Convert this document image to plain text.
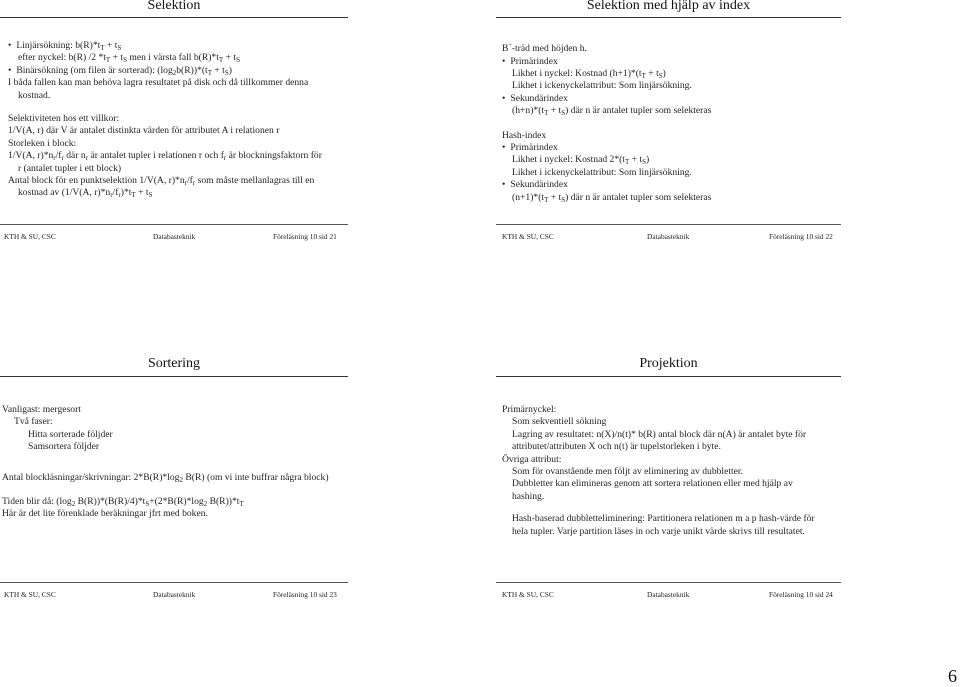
Selektion

• Linjärsökning: $b(R)*t_T + t_S$

efter nyckel: b(R) /2 $*t_T + t_S$ men i värsta fall $b(R)*t_T + t_S$

• Binärsökning (om filen är sorterad): $(\log_2b(R))*(t_T + t_S)$

I båda fallen kan man behöva lagra resultatet på disk och då tillkommer denna

kostnad.

Selektiviteten hos ett villkor:

1/V(A, r) där V är antalet distinkta värden för attributet A i relationen r

Storleken i block:

1/V(A, $r)*n_r/f_r$ där $n_r$ är antalet tupler i relationen r och $f_r$ är blockningsfaktorn för

r (antalet tupler i ett block)

Antal block för en punktselektion 1/V(A, $r)*n_r/f_r$ som måste mellanlagras till en

kostnad av (1/V(A, $r)*n_r/f_r)*t_T + t_S$

KTH & SU, CSC	Databasteknik	Föreläsning 10 sid 21
Selektion med hjälp av index

B+-träd med höjden h.

• Primärindex

Likhet i nyckel: Kostnad $(h+1)*(t_T + t_S)$

Likhet i ickenyckelattribut: Som linjärsökning.

• Sekundärindex

$(h+n)*(t_T + t_S)$ där n är antalet tupler som selekteras

Hash-index

• Primärindex

Likhet i nyckel: Kostnad $2*(t_T + t_S)$

Likhet i ickenyckelattribut: Som linjärsökning.

• Sekundärindex

$(n+1)*(t_T + t_S)$ där n är antalet tupler som selekteras

KTH & SU, CSC	Databasteknik	Föreläsning 10 sid 22
Sortering

Vanligast: mergesort

Två faser:

Hitta sorterade följder

Samsortera följder

Antal blockläsningar/skrivningar: $2*B(R)*\log_2$ B(R) (om vi inte buffrar några block)

Tiden blir då: ($\log_2$ $B(R))*(B(R)/4)*t_S+(2*B(R)*\log_2$ $B(R))*t_T$

Här är det lite förenklade beräkningar jfrt med boken.

KTH & SU, CSC	Databasteknik	Föreläsning 10 sid 23
Projektion

Primärnyckel:

Som sekventiell sökning

Lagring av resultatet: n(X)/n(t)* b(R) antal block där n(A) är antalet byte för

attributet/attributen X och n(t) är tupelstorleken i byte.

Övriga attribut:

Som för ovanstående men följt av eliminering av dubbletter.

Dubbletter kan elimineras genom att sortera relationen eller med hjälp av

hashing.

Hash-baserad dubbletteliminering: Partitionera relationen m a p hash-värde för

hela tupler. Varje partition läses in och varje unikt värde skrivs till resultatet.

KTH & SU, CSC	Databasteknik	Föreläsning 10 sid 24
6
